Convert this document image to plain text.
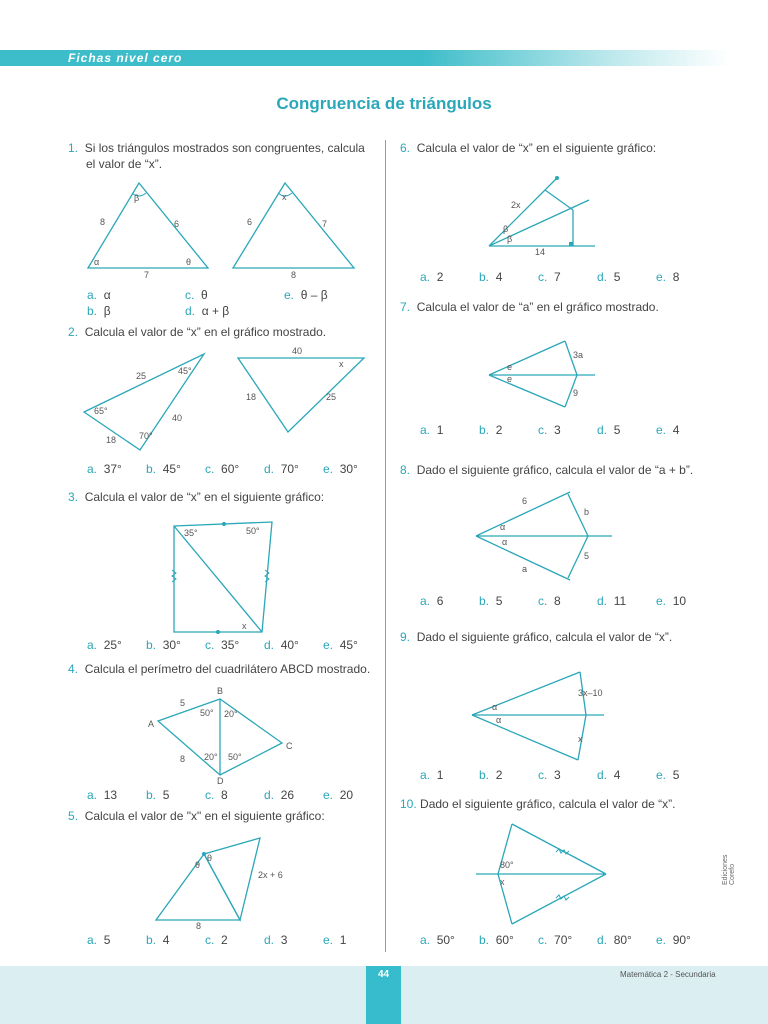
Fichas nivel cero
Congruencia de triángulos
1. Si los triángulos mostrados son congruentes, calcula
el valor de “x”.
β
8	6
7
α	θ
x
6	7
8
a. α
b. β
c. θ
d. α + β
e. θ – β
2. Calcula el valor de “x” en el gráfico mostrado.
25	45°
65°
40
18	70°
40
x
18	25
a. 37° b. 45° c. 60° d. 70° e. 30°
3. Calcula el valor de “x” en el siguiente gráfico:
35°	50°
x
a. 25° b. 30° c. 35° d. 40° e. 45°
4. Calcula el perímetro del cuadrilátero ABCD mostrado.
A
B
C
D
5
8
50° 20°
20° 50°
a. 13 b. 5	c. 8	d. 26 e. 20
5. Calcula el valor de "x" en el siguiente gráfico:
θ
θ
2x + 6
8
a. 5	b. 4	c. 2	d. 3	e. 1
6. Calcula el valor de “x” en el siguiente gráfico:
2x
β
β
14
a. 2	b. 4	c. 7	d. 5	e. 8
7. Calcula el valor de “a” en el gráfico mostrado.
e
e
3a
9
a. 1	b. 2	c. 3	d. 5	e. 4
8. Dado el siguiente gráfico, calcula el valor de “a + b”.
6
b
5
a
α
α
a. 6	b. 5	c. 8	d. 11 e. 10
9. Dado el siguiente gráfico, calcula el valor de “x”.
3x–10
x
α
α
a. 1	b. 2	c. 3	d. 4	e. 5
10. Dado el siguiente gráfico, calcula el valor de “x”.
80°
x
a. 50° b. 60° c. 70° d. 80° e. 90°
Ediciones Corefo
44	Matemática 2 - Secundaria
